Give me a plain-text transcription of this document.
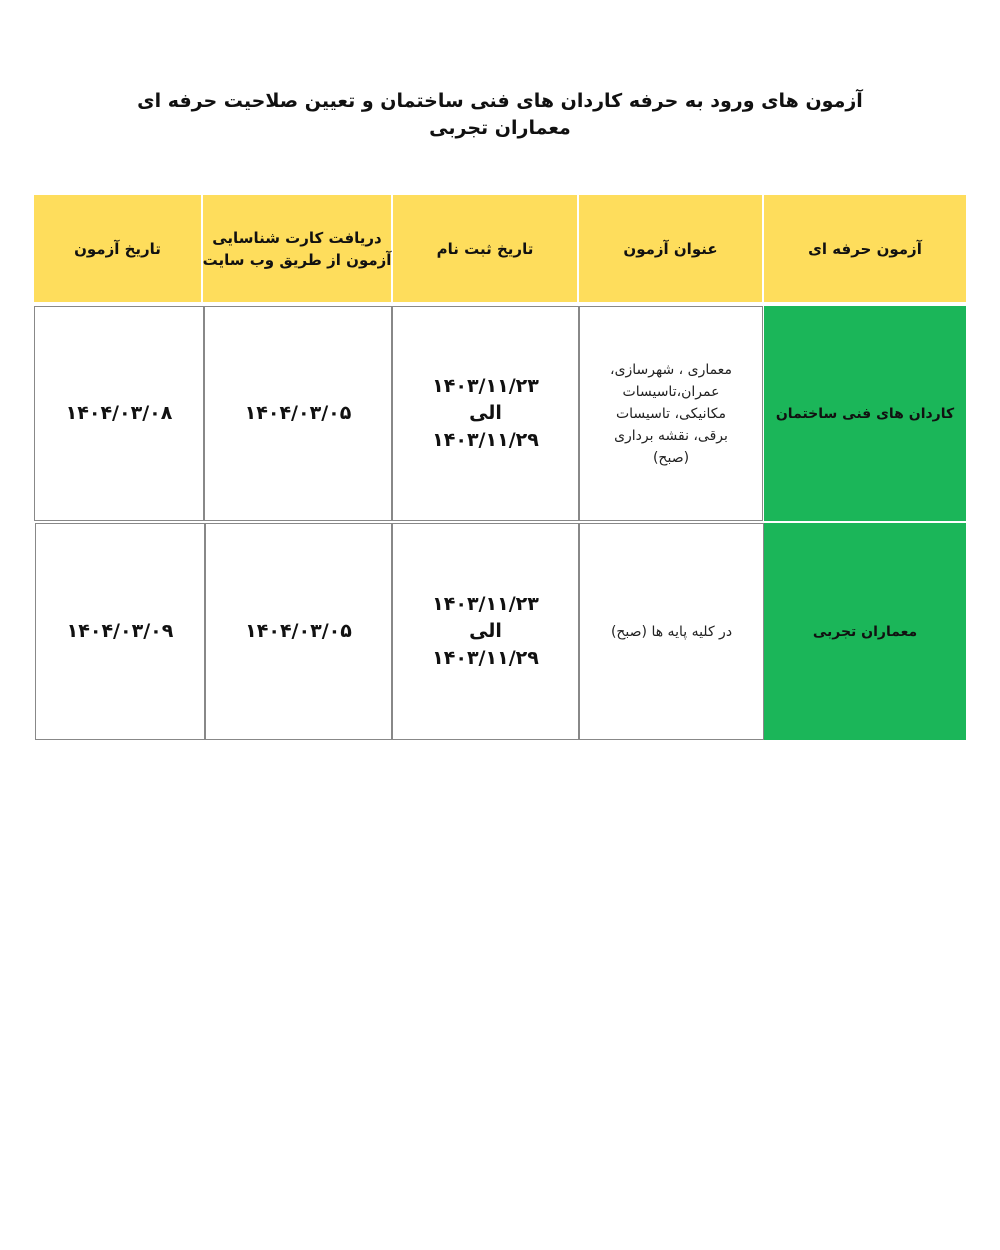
آزمون های ورود به حرفه کاردان های فنی ساختمان و تعیین صلاحیت حرفه ای
معماران تجربی
آزمون حرفه ای
عنوان آزمون
تاریخ ثبت نام
دریافت کارت شناسایی
آزمون از طریق وب سایت
تاریخ آزمون
کاردان های فنی ساختمان
معماری ، شهرسازی،
عمران،تاسیسات
مکانیکی، تاسیسات
برقی، نقشه برداری
(صبح)
۱۴۰۳/۱۱/۲۳
الی
۱۴۰۳/۱۱/۲۹
۱۴۰۴/۰۳/۰۵
۱۴۰۴/۰۳/۰۸
معماران تجربی
در کلیه پایه ها (صبح)
۱۴۰۳/۱۱/۲۳
الی
۱۴۰۳/۱۱/۲۹
۱۴۰۴/۰۳/۰۵
۱۴۰۴/۰۳/۰۹
